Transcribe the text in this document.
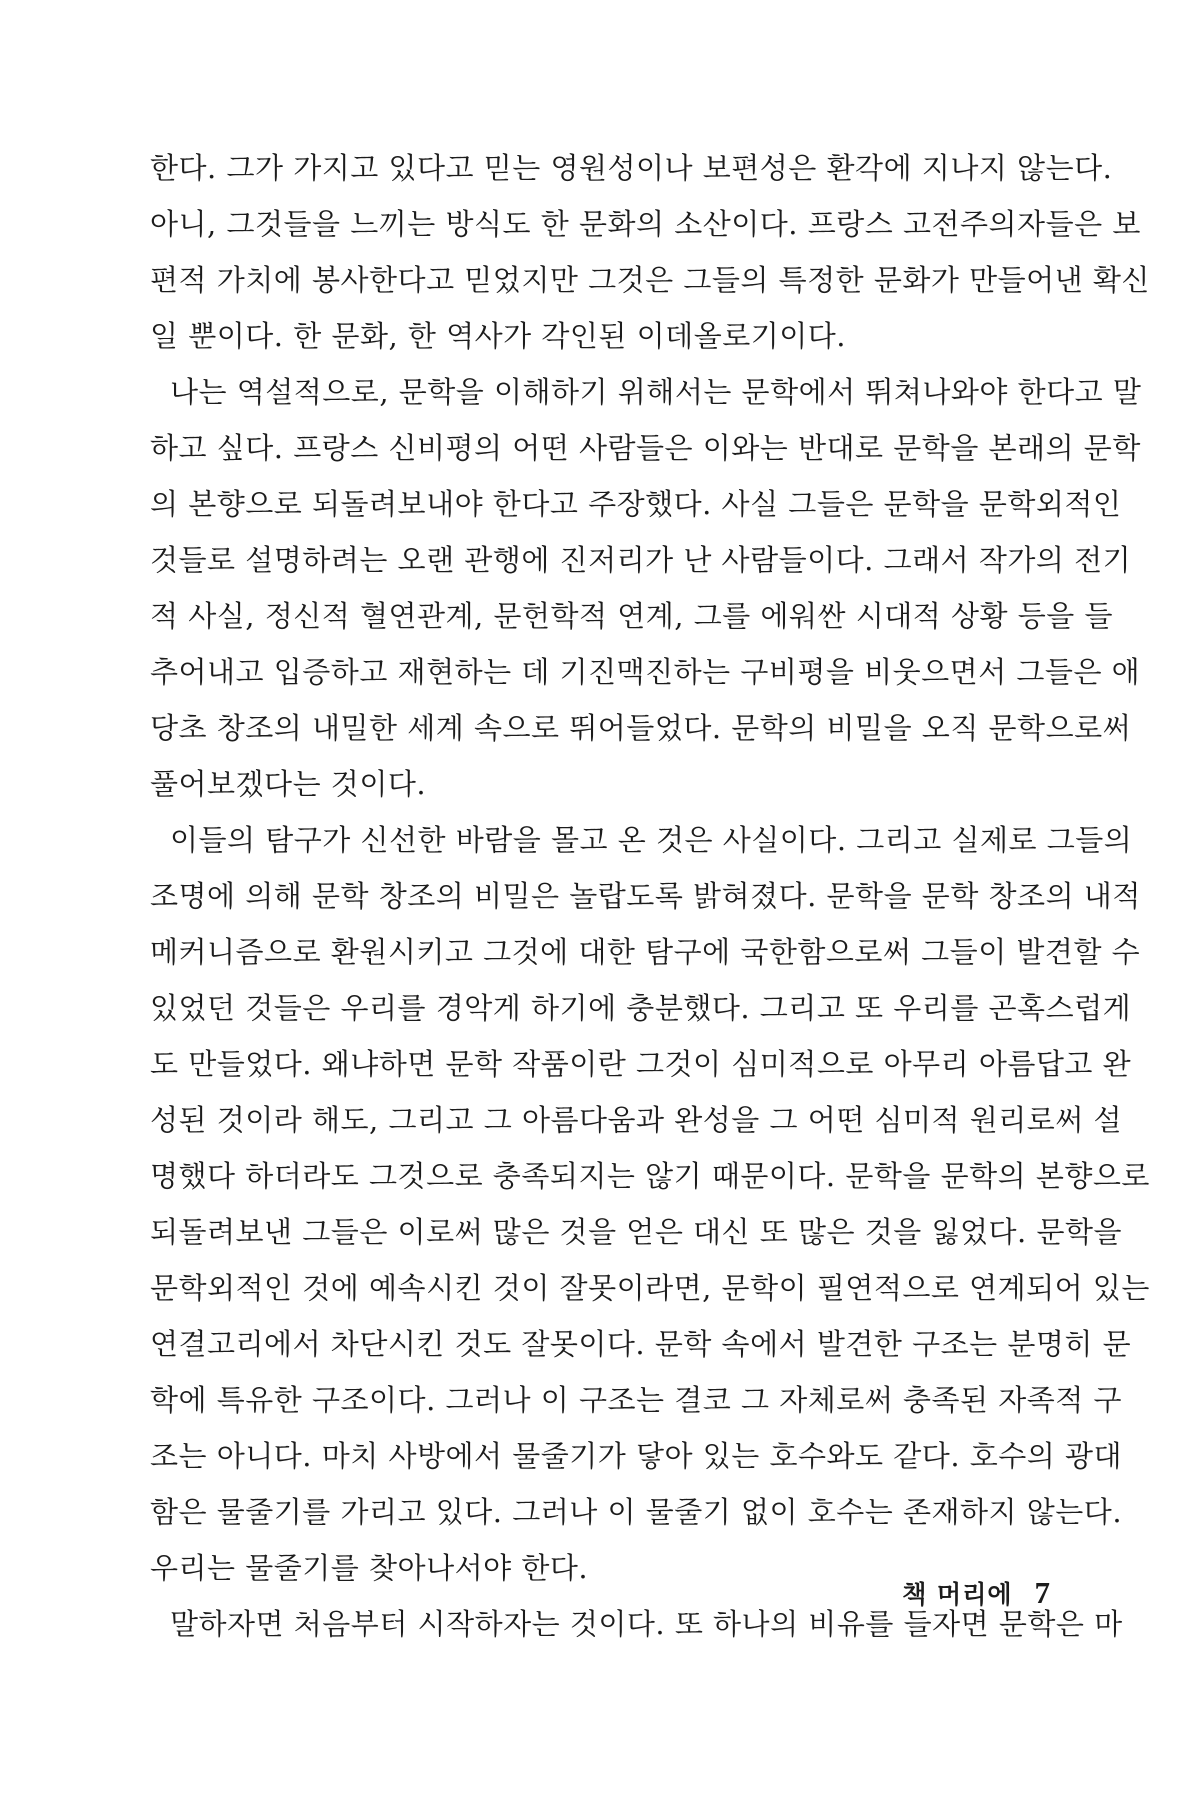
한다. 그가 가지고 있다고 믿는 영원성이나 보편성은 환각에 지나지 않는다.
아니, 그것들을 느끼는 방식도 한 문화의 소산이다. 프랑스 고전주의자들은 보
편적 가치에 봉사한다고 믿었지만 그것은 그들의 특정한 문화가 만들어낸 확신
일 뿐이다. 한 문화, 한 역사가 각인된 이데올로기이다.
나는 역설적으로, 문학을 이해하기 위해서는 문학에서 뛰쳐나와야 한다고 말
하고 싶다. 프랑스 신비평의 어떤 사람들은 이와는 반대로 문학을 본래의 문학
의 본향으로 되돌려보내야 한다고 주장했다. 사실 그들은 문학을 문학외적인
것들로 설명하려는 오랜 관행에 진저리가 난 사람들이다. 그래서 작가의 전기
적 사실, 정신적 혈연관계, 문헌학적 연계, 그를 에워싼 시대적 상황 등을 들
추어내고 입증하고 재현하는 데 기진맥진하는 구비평을 비웃으면서 그들은 애
당초 창조의 내밀한 세계 속으로 뛰어들었다. 문학의 비밀을 오직 문학으로써
풀어보겠다는 것이다.
이들의 탐구가 신선한 바람을 몰고 온 것은 사실이다. 그리고 실제로 그들의
조명에 의해 문학 창조의 비밀은 놀랍도록 밝혀졌다. 문학을 문학 창조의 내적
메커니즘으로 환원시키고 그것에 대한 탐구에 국한함으로써 그들이 발견할 수
있었던 것들은 우리를 경악게 하기에 충분했다. 그리고 또 우리를 곤혹스럽게
도 만들었다. 왜냐하면 문학 작품이란 그것이 심미적으로 아무리 아름답고 완
성된 것이라 해도, 그리고 그 아름다움과 완성을 그 어떤 심미적 원리로써 설
명했다 하더라도 그것으로 충족되지는 않기 때문이다. 문학을 문학의 본향으로
되돌려보낸 그들은 이로써 많은 것을 얻은 대신 또 많은 것을 잃었다. 문학을
문학외적인 것에 예속시킨 것이 잘못이라면, 문학이 필연적으로 연계되어 있는
연결고리에서 차단시킨 것도 잘못이다. 문학 속에서 발견한 구조는 분명히 문
학에 특유한 구조이다. 그러나 이 구조는 결코 그 자체로써 충족된 자족적 구
조는 아니다. 마치 사방에서 물줄기가 닿아 있는 호수와도 같다. 호수의 광대
함은 물줄기를 가리고 있다. 그러나 이 물줄기 없이 호수는 존재하지 않는다.
우리는 물줄기를 찾아나서야 한다.
말하자면 처음부터 시작하자는 것이다. 또 하나의 비유를 들자면 문학은 마
책 머리에 7
